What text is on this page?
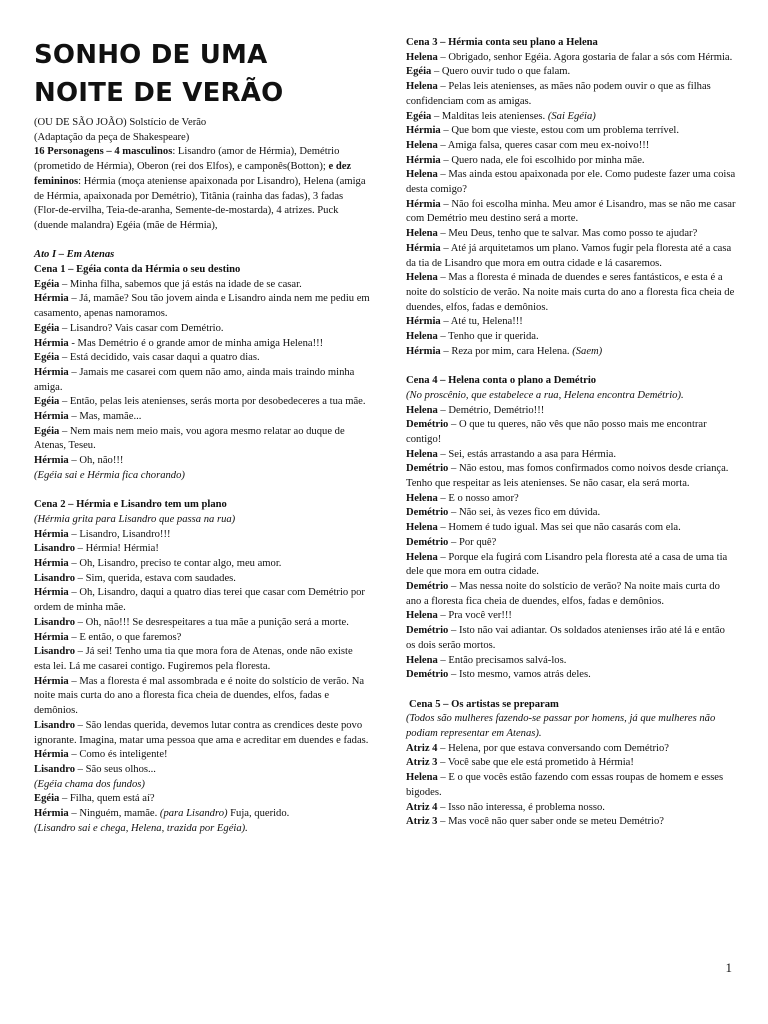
SONHO DE UMA
NOITE DE VERÃO

(OU DE SÃO JOÃO) Solstício de Verão

(Adaptação da peça de Shakespeare)

16 Personagens – 4 masculinos: Lisandro (amor de Hérmia), Demétrio (prometido de Hérmia), Oberon (rei dos Elfos), e camponês(Botton); e dez femininos: Hérmia (moça ateniense apaixonada por Lisandro), Helena (amiga de Hérmia, apaixonada por Demétrio), Titânia (rainha das fadas), 3 fadas (Flor-de-ervilha, Teia-de-aranha, Semente-de-mostarda), 4 atrizes. Puck (duende malandra) Egéia (mãe de Hérmia),

Ato I – Em Atenas

Cena 1 – Egéia conta da Hérmia o seu destino

Egéia – Minha filha, sabemos que já estás na idade de se casar.

Hérmia – Já, mamãe? Sou tão jovem ainda e Lisandro ainda nem me pediu em casamento, apenas namoramos.

Egéia – Lisandro? Vais casar com Demétrio.

Hérmia - Mas Demétrio é o grande amor de minha amiga Helena!!!

Egéia – Está decidido, vais casar daqui a quatro dias.

Hérmia – Jamais me casarei com quem não amo, ainda mais traindo minha amiga.

Egéia – Então, pelas leis atenienses, serás morta por desobedeceres a tua mãe.

Hérmia – Mas, mamãe...

Egéia – Nem mais nem meio mais, vou agora mesmo relatar ao duque de Atenas, Teseu.

Hérmia – Oh, não!!!

(Egéia sai e Hérmia fica chorando)

Cena 2 – Hérmia e Lisandro tem um plano

(Hérmia grita para Lisandro que passa na rua)

Hérmia – Lisandro, Lisandro!!!

Lisandro – Hérmia! Hérmia!

Hérmia – Oh, Lisandro, preciso te contar algo, meu amor.

Lisandro – Sim, querida, estava com saudades.

Hérmia – Oh, Lisandro, daqui a quatro dias terei que casar com Demétrio por ordem de minha mãe.

Lisandro – Oh, não!!! Se desrespeitares a tua mãe a punição será a morte.

Hérmia – E então, o que faremos?

Lisandro – Já sei! Tenho uma tia que mora fora de Atenas, onde não existe esta lei. Lá me casarei contigo. Fugiremos pela floresta.

Hérmia – Mas a floresta é mal assombrada e é noite do solstício de verão. Na noite mais curta do ano a floresta fica cheia de duendes, elfos, fadas e demônios.

Lisandro – São lendas querida, devemos lutar contra as crendices deste povo ignorante. Imagina, matar uma pessoa que ama e acreditar em duendes e fadas.

Hérmia – Como és inteligente!

Lisandro – São seus olhos...

(Egéia chama dos fundos)

Egéia – Filha, quem está aí?

Hérmia – Ninguém, mamãe. (para Lisandro) Fuja, querido.

(Lisandro sai e chega, Helena, trazida por Egéia).

Cena 3 – Hérmia conta seu plano a Helena

Helena – Obrigado, senhor Egéia. Agora gostaria de falar a sós com Hérmia.

Egéia – Quero ouvir tudo o que falam.

Helena – Pelas leis atenienses, as mães não podem ouvir o que as filhas confidenciam com as amigas.

Egéia – Malditas leis atenienses. (Sai Egéia)

Hérmia – Que bom que vieste, estou com um problema terrível.

Helena – Amiga falsa, queres casar com meu ex-noivo!!!

Hérmia – Quero nada, ele foi escolhido por minha mãe.

Helena – Mas ainda estou apaixonada por ele. Como pudeste fazer uma coisa desta comigo?

Hérmia – Não foi escolha minha. Meu amor é Lisandro, mas se não me casar com Demétrio meu destino será a morte.

Helena – Meu Deus, tenho que te salvar. Mas como posso te ajudar?

Hérmia – Até já arquitetamos um plano. Vamos fugir pela floresta até a casa da tia de Lisandro que mora em outra cidade e lá casaremos.

Helena – Mas a floresta é minada de duendes e seres fantásticos, e esta é a noite do solstício de verão. Na noite mais curta do ano a floresta fica cheia de duendes, elfos, fadas e demônios.

Hérmia – Até tu, Helena!!!

Helena – Tenho que ir querida.

Hérmia – Reza por mim, cara Helena. (Saem)

Cena 4 – Helena conta o plano a Demétrio

(No proscênio, que estabelece a rua, Helena encontra Demétrio).

Helena – Demétrio, Demétrio!!!

Demétrio – O que tu queres, não vês que não posso mais me encontrar contigo!

Helena – Sei, estás arrastando a asa para Hérmia.

Demétrio – Não estou, mas fomos confirmados como noivos desde criança. Tenho que respeitar as leis atenienses. Se não casar, ela será morta.

Helena – E o nosso amor?

Demétrio – Não sei, às vezes fico em dúvida.

Helena – Homem é tudo igual. Mas sei que não casarás com ela.

Demétrio – Por quê?

Helena – Porque ela fugirá com Lisandro pela floresta até a casa de uma tia dele que mora em outra cidade.

Demétrio – Mas nessa noite do solstício de verão? Na noite mais curta do ano a floresta fica cheia de duendes, elfos, fadas e demônios.

Helena – Pra você ver!!!

Demétrio – Isto não vai adiantar. Os soldados atenienses irão até lá e então os dois serão mortos.

Helena – Então precisamos salvá-los.

Demétrio – Isto mesmo, vamos atrás deles.

Cena 5 – Os artistas se preparam

(Todos são mulheres fazendo-se passar por homens, já que mulheres não podiam representar em Atenas).

Atriz 4 – Helena, por que estava conversando com Demétrio?

Atriz 3 – Você sabe que ele está prometido à Hérmia!

Helena – E o que vocês estão fazendo com essas roupas de homem e esses bigodes.

Atriz 4 – Isso não interessa, é problema nosso.

Atriz 3 – Mas você não quer saber onde se meteu Demétrio?

1
